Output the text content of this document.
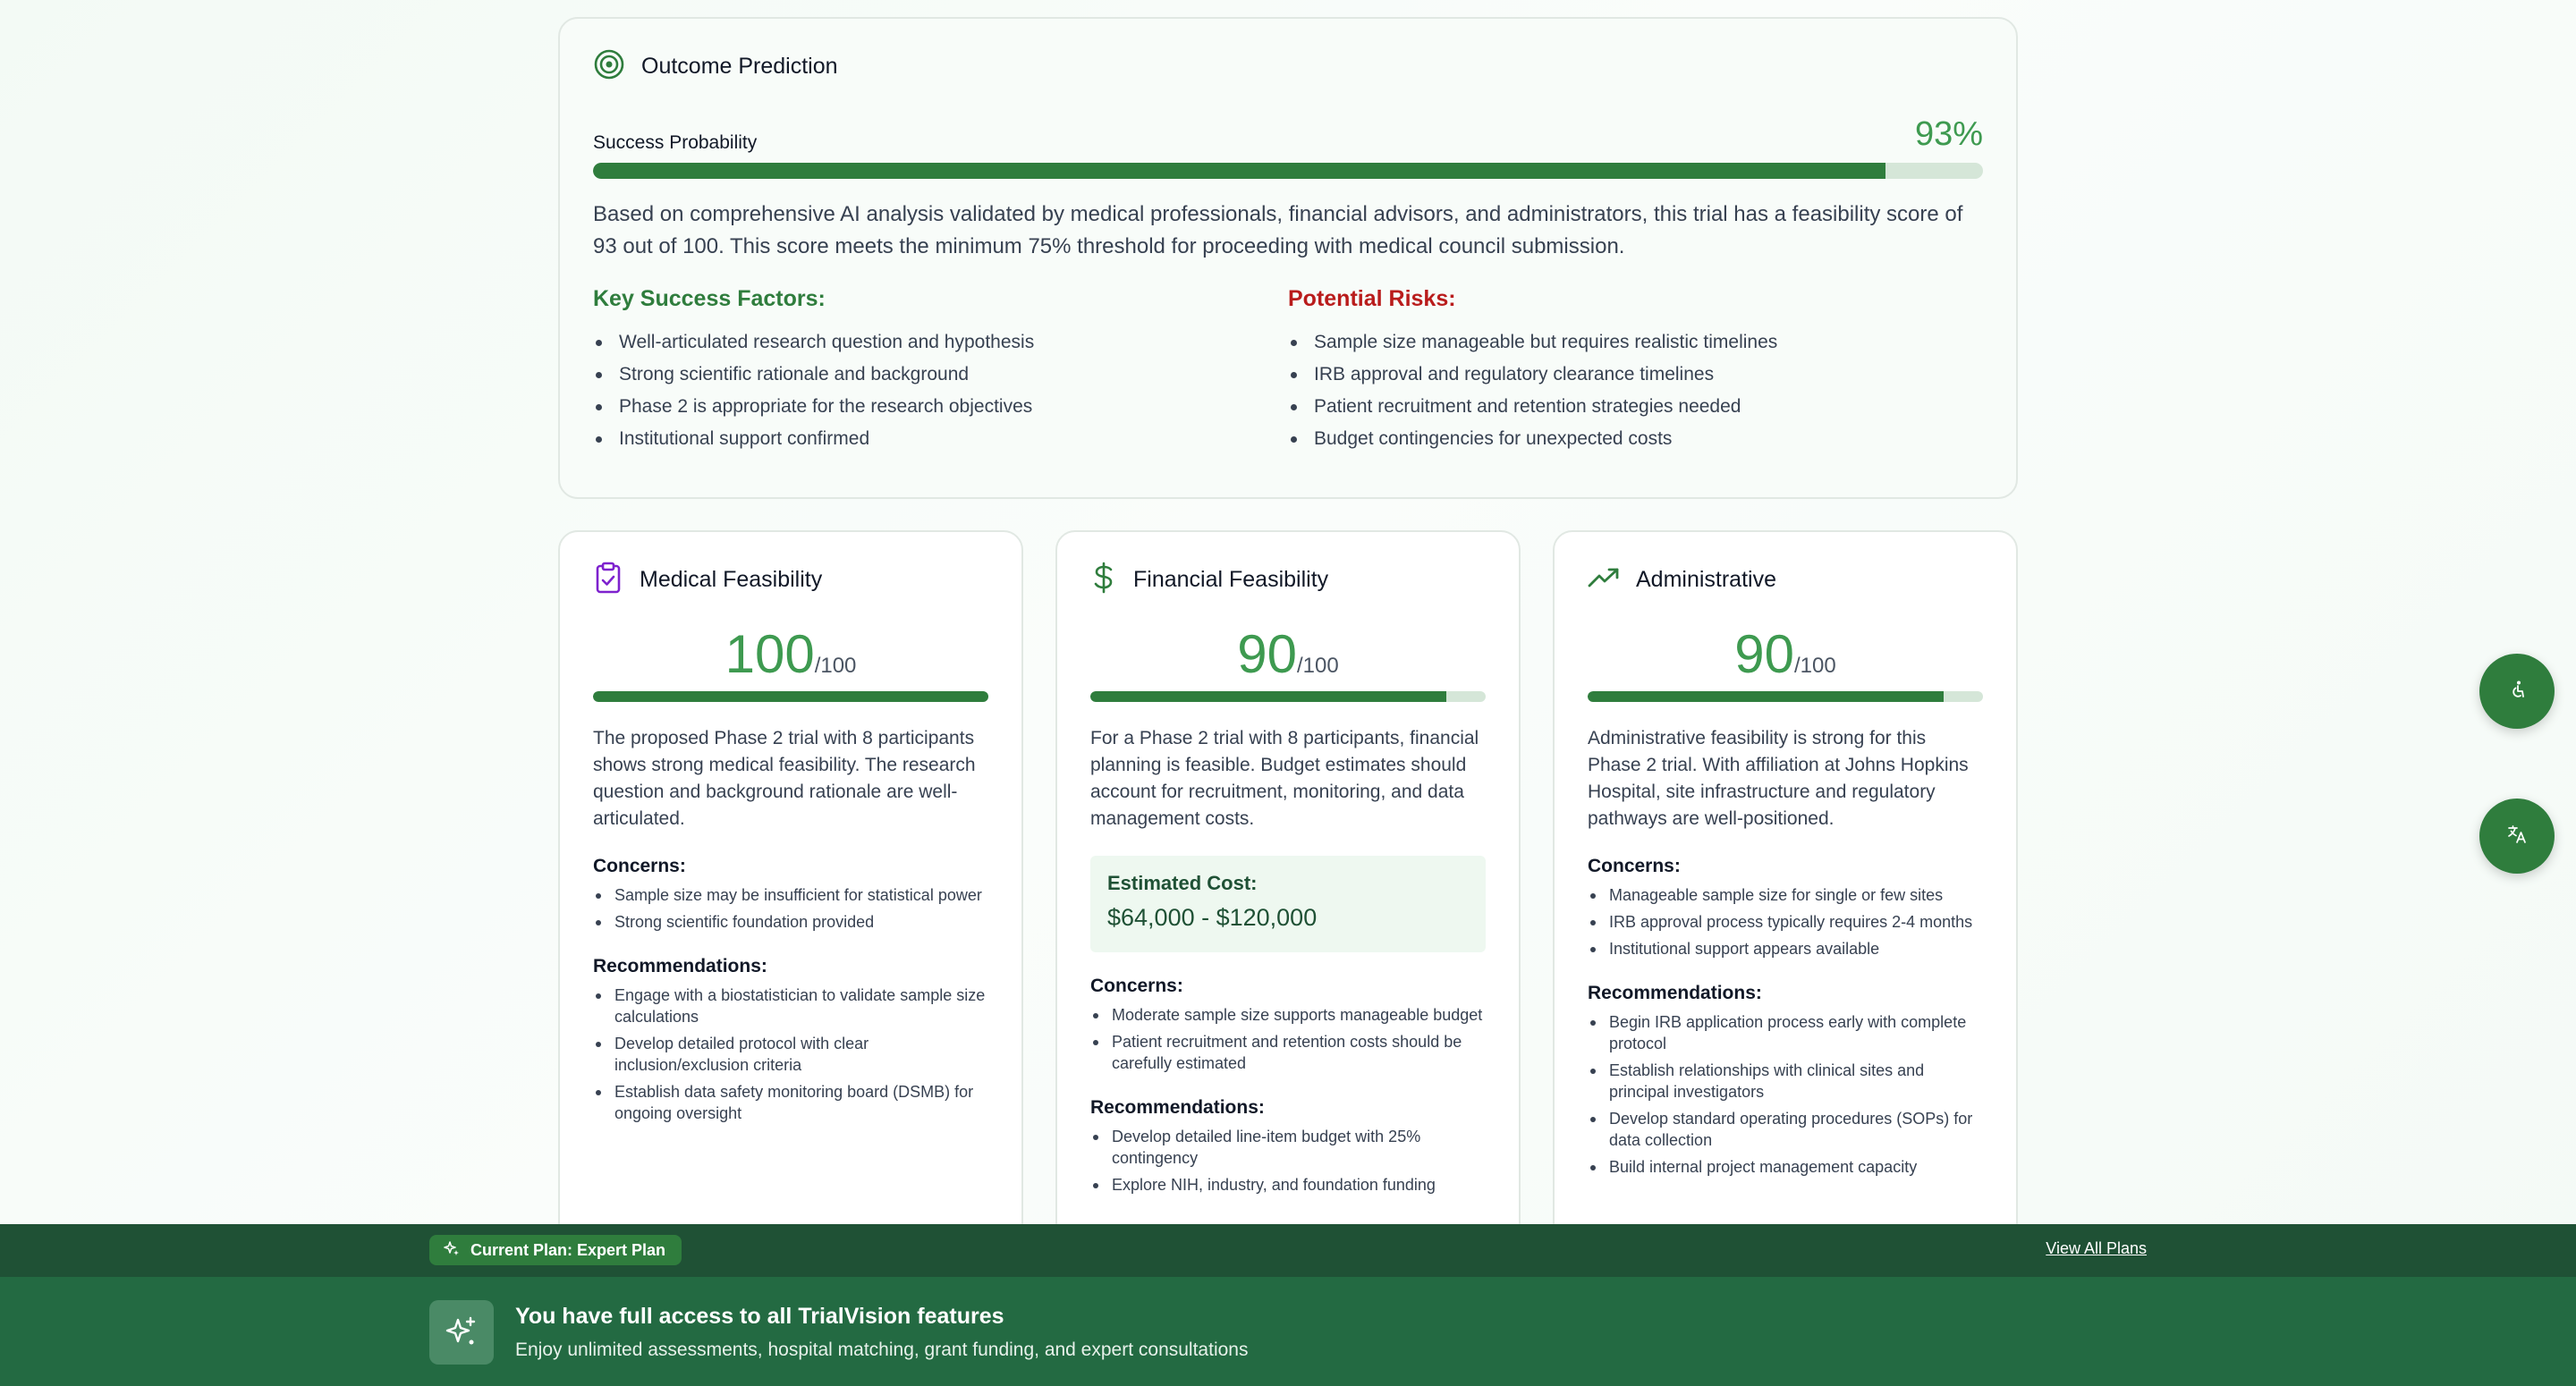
Outcome Prediction
Success Probability	93%

Based on comprehensive AI analysis validated by medical professionals, financial advisors, and administrators, this trial has a feasibility score of 93 out of 100. This score meets the minimum 75% threshold for proceeding with medical council submission.

Key Success Factors:
Well-articulated research question and hypothesis
Strong scientific rationale and background
Phase 2 is appropriate for the research objectives
Institutional support confirmed
Potential Risks:
Sample size manageable but requires realistic timelines
IRB approval and regulatory clearance timelines
Patient recruitment and retention strategies needed
Budget contingencies for unexpected costs
Medical Feasibility
100/100

The proposed Phase 2 trial with 8 participants shows strong medical feasibility. The research question and background rationale are well-articulated.

Concerns:
Sample size may be insufficient for statistical power
Strong scientific foundation provided
Recommendations:
Engage with a biostatistician to validate sample size calculations
Develop detailed protocol with clear inclusion/exclusion criteria
Establish data safety monitoring board (DSMB) for ongoing oversight
Financial Feasibility
90/100

For a Phase 2 trial with 8 participants, financial planning is feasible. Budget estimates should account for recruitment, monitoring, and data management costs.

Estimated Cost:
$64,000 - $120,000
Concerns:
Moderate sample size supports manageable budget
Patient recruitment and retention costs should be carefully estimated
Recommendations:
Develop detailed line-item budget with 25% contingency
Explore NIH, industry, and foundation funding
Administrative
90/100

Administrative feasibility is strong for this Phase 2 trial. With affiliation at Johns Hopkins Hospital, site infrastructure and regulatory pathways are well-positioned.

Concerns:
Manageable sample size for single or few sites
IRB approval process typically requires 2-4 months
Institutional support appears available
Recommendations:
Begin IRB application process early with complete protocol
Establish relationships with clinical sites and principal investigators
Develop standard operating procedures (SOPs) for data collection
Build internal project management capacity
Current Plan: Expert Plan	View All Plans
You have full access to all TrialVision features
Enjoy unlimited assessments, hospital matching, grant funding, and expert consultations
